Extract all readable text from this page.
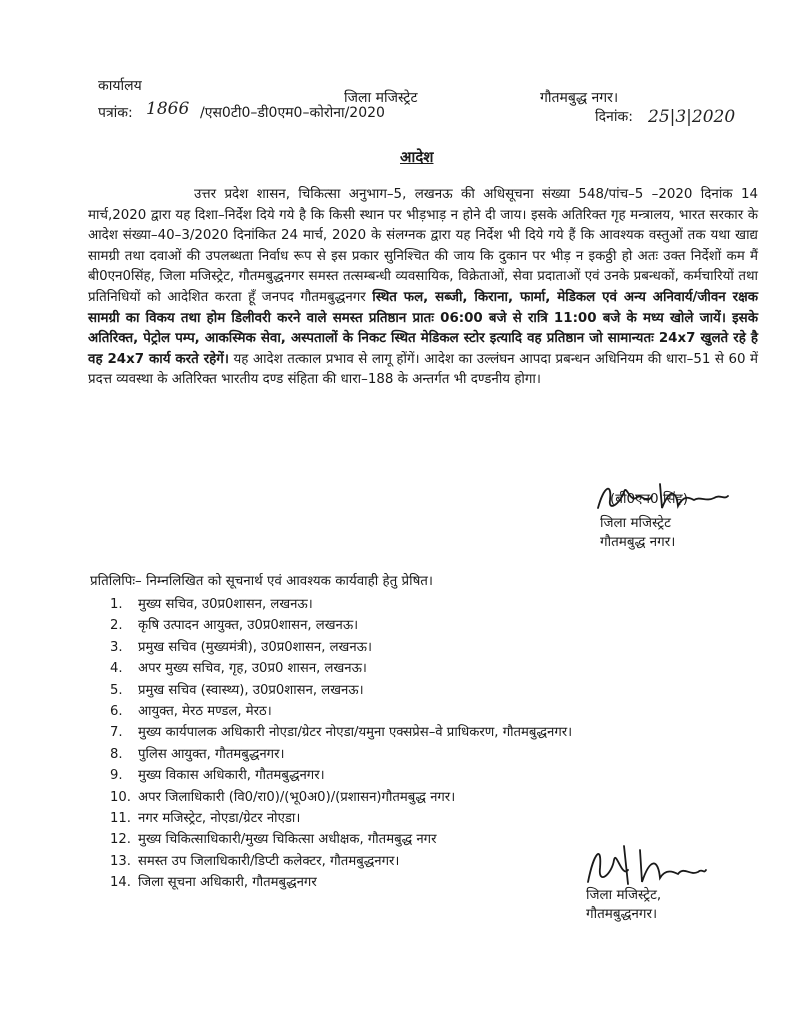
कार्यालय
जिला मजिस्ट्रेट	गौतमबुद्ध नगर।
पत्रांक: 1866 /एस0टी0–डी0एम0–कोरोना/2020	दिनांक: 25|3|2020
आदेश
उत्तर प्रदेश शासन, चिकित्सा अनुभाग–5, लखनऊ की अधिसूचना संख्या 548/पांच–5 –2020 दिनांक 14 मार्च,2020 द्वारा यह दिशा–निर्देश दिये गये है कि किसी स्थान पर भीड़भाड़ न होने दी जाय। इसके अतिरिक्त गृह मन्त्रालय, भारत सरकार के आदेश संख्या–40–3/2020 दिनांकित 24 मार्च, 2020 के संलग्नक द्वारा यह निर्देश भी दिये गये हैं कि आवश्यक वस्तुओं तक यथा खाद्य सामग्री तथा दवाओं की उपलब्धता निर्वाध रूप से इस प्रकार सुनिश्चित की जाय कि दुकान पर भीड़ न इकठ्ठी हो अतः उक्त निर्देशों कम मैं बी0एन0सिंह, जिला मजिस्ट्रेट, गौतमबुद्धनगर समस्त तत्सम्बन्धी व्यवसायिक, विक्रेताओं, सेवा प्रदाताओं एवं उनके प्रबन्धकों, कर्मचारियों तथा प्रतिनिधियों को आदेशित करता हूँ जनपद गौतमबुद्धनगर स्थित फल, सब्जी, किराना, फार्मा, मेडिकल एवं अन्य अनिवार्य/जीवन रक्षक सामग्री का विकय तथा होम डिलीवरी करने वाले समस्त प्रतिष्ठान प्रातः 06:00 बजे से रात्रि 11:00 बजे के मध्य खोले जायें। इसके अतिरिक्त, पेट्रोल पम्प, आकस्मिक सेवा, अस्पतालों के निकट स्थित मेडिकल स्टोर इत्यादि वह प्रतिष्ठान जो सामान्यतः 24x7 खुलते रहे है वह 24x7 कार्य करते रहेगें। यह आदेश तत्काल प्रभाव से लागू होंगें। आदेश का उल्लंघन आपदा प्रबन्धन अधिनियम की धारा–51 से 60 में प्रदत्त व्यवस्था के अतिरिक्त भारतीय दण्ड संहिता की धारा–188 के अन्तर्गत भी दण्डनीय होगा।
(बी0एन0 सिंह)
जिला मजिस्ट्रेट
गौतमबुद्ध नगर।
प्रतिलिपिः– निम्नलिखित को सूचनार्थ एवं आवश्यक कार्यवाही हेतु प्रेषित।
1. मुख्य सचिव, उ0प्र0शासन, लखनऊ।
2. कृषि उत्पादन आयुक्त, उ0प्र0शासन, लखनऊ।
3. प्रमुख सचिव (मुख्यमंत्री), उ0प्र0शासन, लखनऊ।
4. अपर मुख्य सचिव, गृह, उ0प्र0 शासन, लखनऊ।
5. प्रमुख सचिव (स्वास्थ्य), उ0प्र0शासन, लखनऊ।
6. आयुक्त, मेरठ मण्डल, मेरठ।
7. मुख्य कार्यपालक अधिकारी नोएडा/ग्रेटर नोएडा/यमुना एक्सप्रेस–वे प्राधिकरण, गौतमबुद्धनगर।
8. पुलिस आयुक्त, गौतमबुद्धनगर।
9. मुख्य विकास अधिकारी, गौतमबुद्धनगर।
10. अपर जिलाधिकारी (वि0/रा0)/(भू0अ0)/(प्रशासन)गौतमबुद्ध नगर।
11. नगर मजिस्ट्रेट, नोएडा/ग्रेटर नोएडा।
12. मुख्य चिकित्साधिकारी/मुख्य चिकित्सा अधीक्षक, गौतमबुद्ध नगर
13. समस्त उप जिलाधिकारी/डिप्टी कलेक्टर, गौतमबुद्धनगर।
14. जिला सूचना अधिकारी, गौतमबुद्धनगर
जिला मजिस्ट्रेट,
गौतमबुद्धनगर।
